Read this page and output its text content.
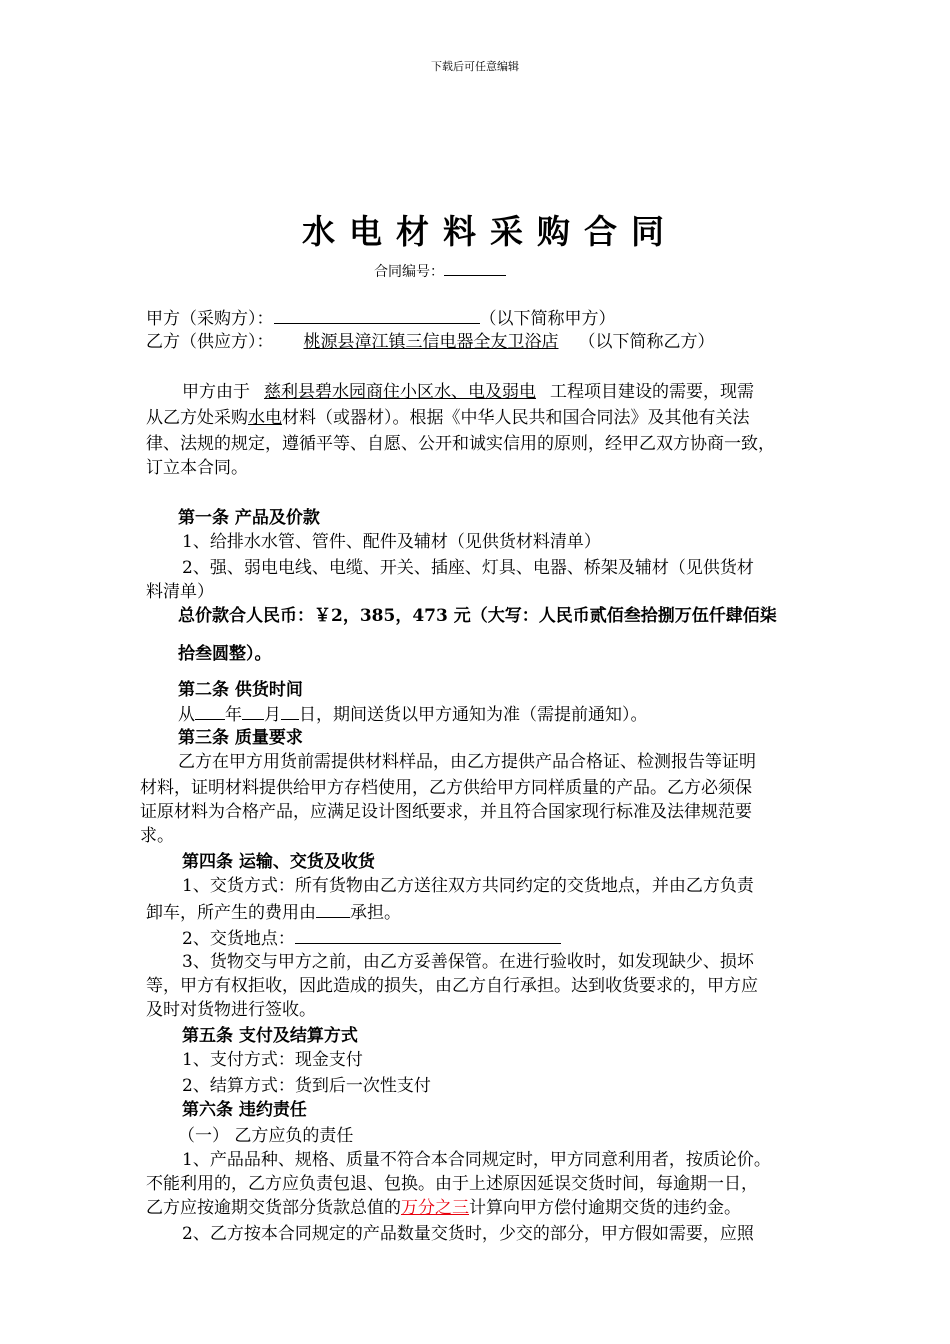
下载后可任意编辑
水电材料采购合同
合同编号：
甲方（采购方）：	（以下简称甲方）
乙方（供应方）： 桃源县漳江镇三信电器全友卫浴店 （以下简称乙方）
甲方由于 慈利县碧水园商住小区水、电及弱电 工程项目建设的需要，现需
从乙方处采购水电材料（或器材）。根据《中华人民共和国合同法》及其他有关法
律、法规的规定，遵循平等、自愿、公开和诚实信用的原则，经甲乙双方协商一致，
订立本合同。
第一条 产品及价款
1、给排水水管、管件、配件及辅材（见供货材料清单）
2、强、弱电电线、电缆、开关、插座、灯具、电器、桥架及辅材（见供货材
料清单）
总价款合人民币：￥2，385，473 元（大写：人民币贰佰叁拾捌万伍仟肆佰柒
拾叁圆整）。
第二条 供货时间
从 年 月 日，期间送货以甲方通知为准（需提前通知）。
第三条 质量要求
乙方在甲方用货前需提供材料样品，由乙方提供产品合格证、检测报告等证明
材料，证明材料提供给甲方存档使用，乙方供给甲方同样质量的产品。乙方必须保
证原材料为合格产品，应满足设计图纸要求，并且符合国家现行标准及法律规范要
求。
第四条 运输、交货及收货
1、交货方式：所有货物由乙方送往双方共同约定的交货地点，并由乙方负责
卸车，所产生的费用由 承担。
2、交货地点：
3、货物交与甲方之前，由乙方妥善保管。在进行验收时，如发现缺少、损坏
等，甲方有权拒收，因此造成的损失，由乙方自行承担。达到收货要求的，甲方应
及时对货物进行签收。
第五条 支付及结算方式
1、支付方式：现金支付
2、结算方式：货到后一次性支付
第六条 违约责任
（一） 乙方应负的责任
1、产品品种、规格、质量不符合本合同规定时，甲方同意利用者，按质论价。
不能利用的，乙方应负责包退、包换。由于上述原因延误交货时间，每逾期一日，
乙方应按逾期交货部分货款总值的万分之三计算向甲方偿付逾期交货的违约金。
2、乙方按本合同规定的产品数量交货时，少交的部分，甲方假如需要，应照
